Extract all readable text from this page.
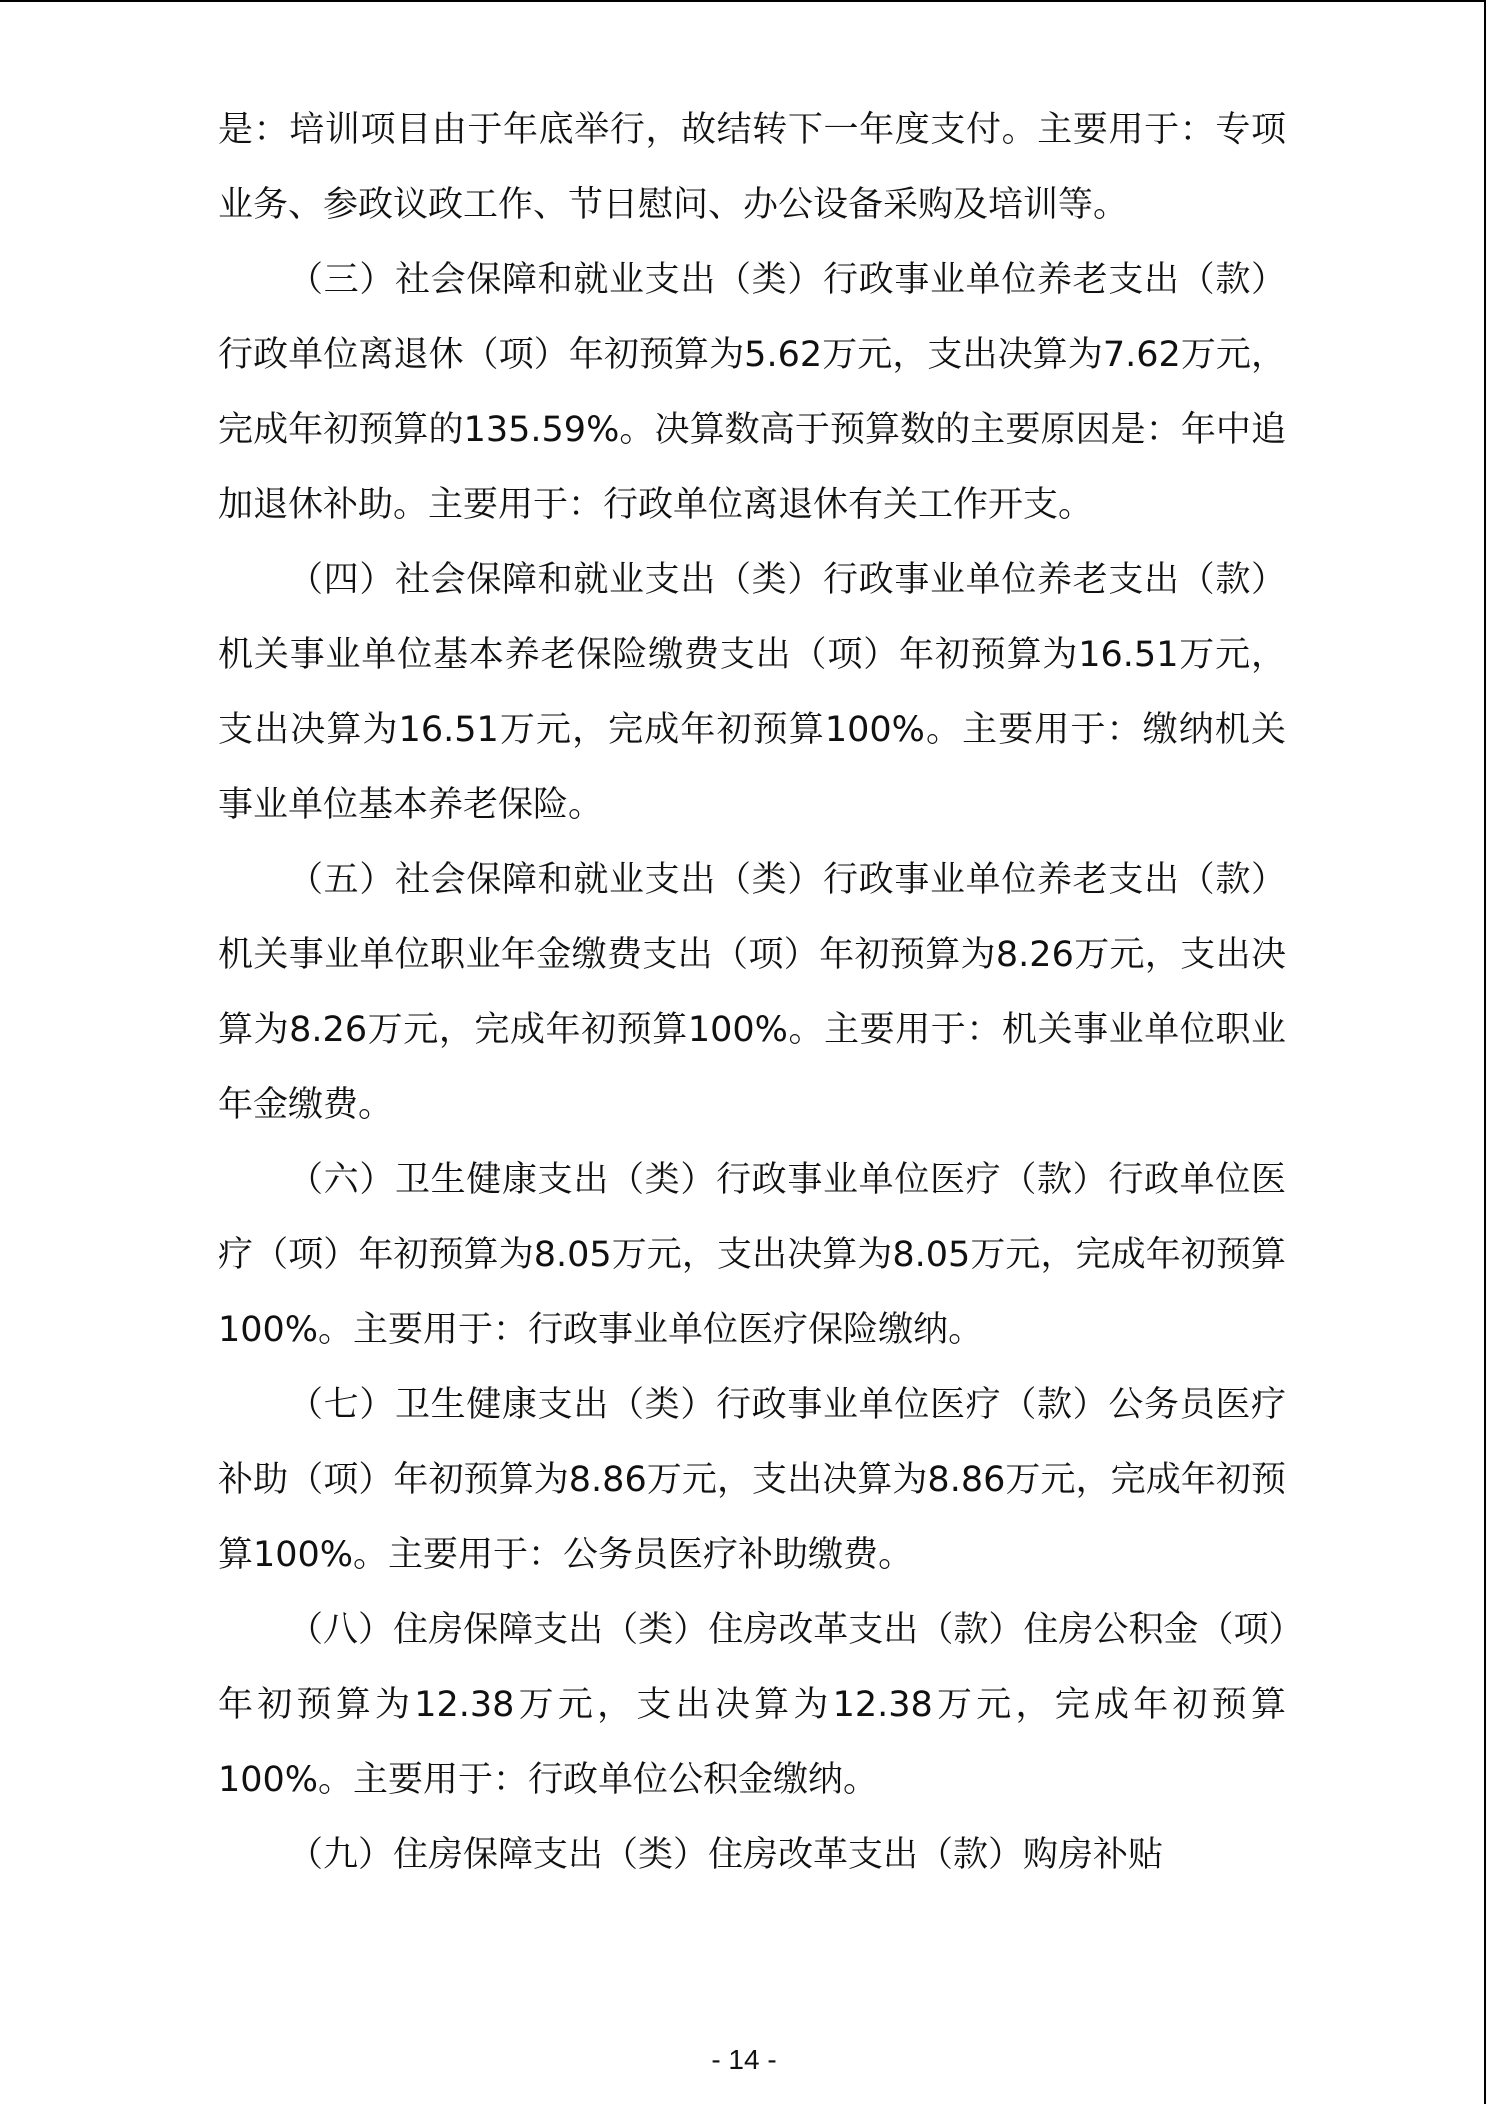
是：培训项目由于年底举行，故结转下一年度支付。主要用于：专项业务、参政议政工作、节日慰问、办公设备采购及培训等。

（三）社会保障和就业支出（类）行政事业单位养老支出（款）行政单位离退休（项）年初预算为5.62万元，支出决算为7.62万元，完成年初预算的135.59%。决算数高于预算数的主要原因是：年中追加退休补助。主要用于：行政单位离退休有关工作开支。

（四）社会保障和就业支出（类）行政事业单位养老支出（款）机关事业单位基本养老保险缴费支出（项）年初预算为16.51万元，支出决算为16.51万元，完成年初预算100%。主要用于：缴纳机关事业单位基本养老保险。

（五）社会保障和就业支出（类）行政事业单位养老支出（款）机关事业单位职业年金缴费支出（项）年初预算为8.26万元，支出决算为8.26万元，完成年初预算100%。主要用于：机关事业单位职业年金缴费。

（六）卫生健康支出（类）行政事业单位医疗（款）行政单位医疗（项）年初预算为8.05万元，支出决算为8.05万元，完成年初预算100%。主要用于：行政事业单位医疗保险缴纳。

（七）卫生健康支出（类）行政事业单位医疗（款）公务员医疗补助（项）年初预算为8.86万元，支出决算为8.86万元，完成年初预算100%。主要用于：公务员医疗补助缴费。

（八）住房保障支出（类）住房改革支出（款）住房公积金（项）年初预算为12.38万元，支出决算为12.38万元，完成年初预算100%。主要用于：行政单位公积金缴纳。

（九）住房保障支出（类）住房改革支出（款）购房补贴

- 14 -
